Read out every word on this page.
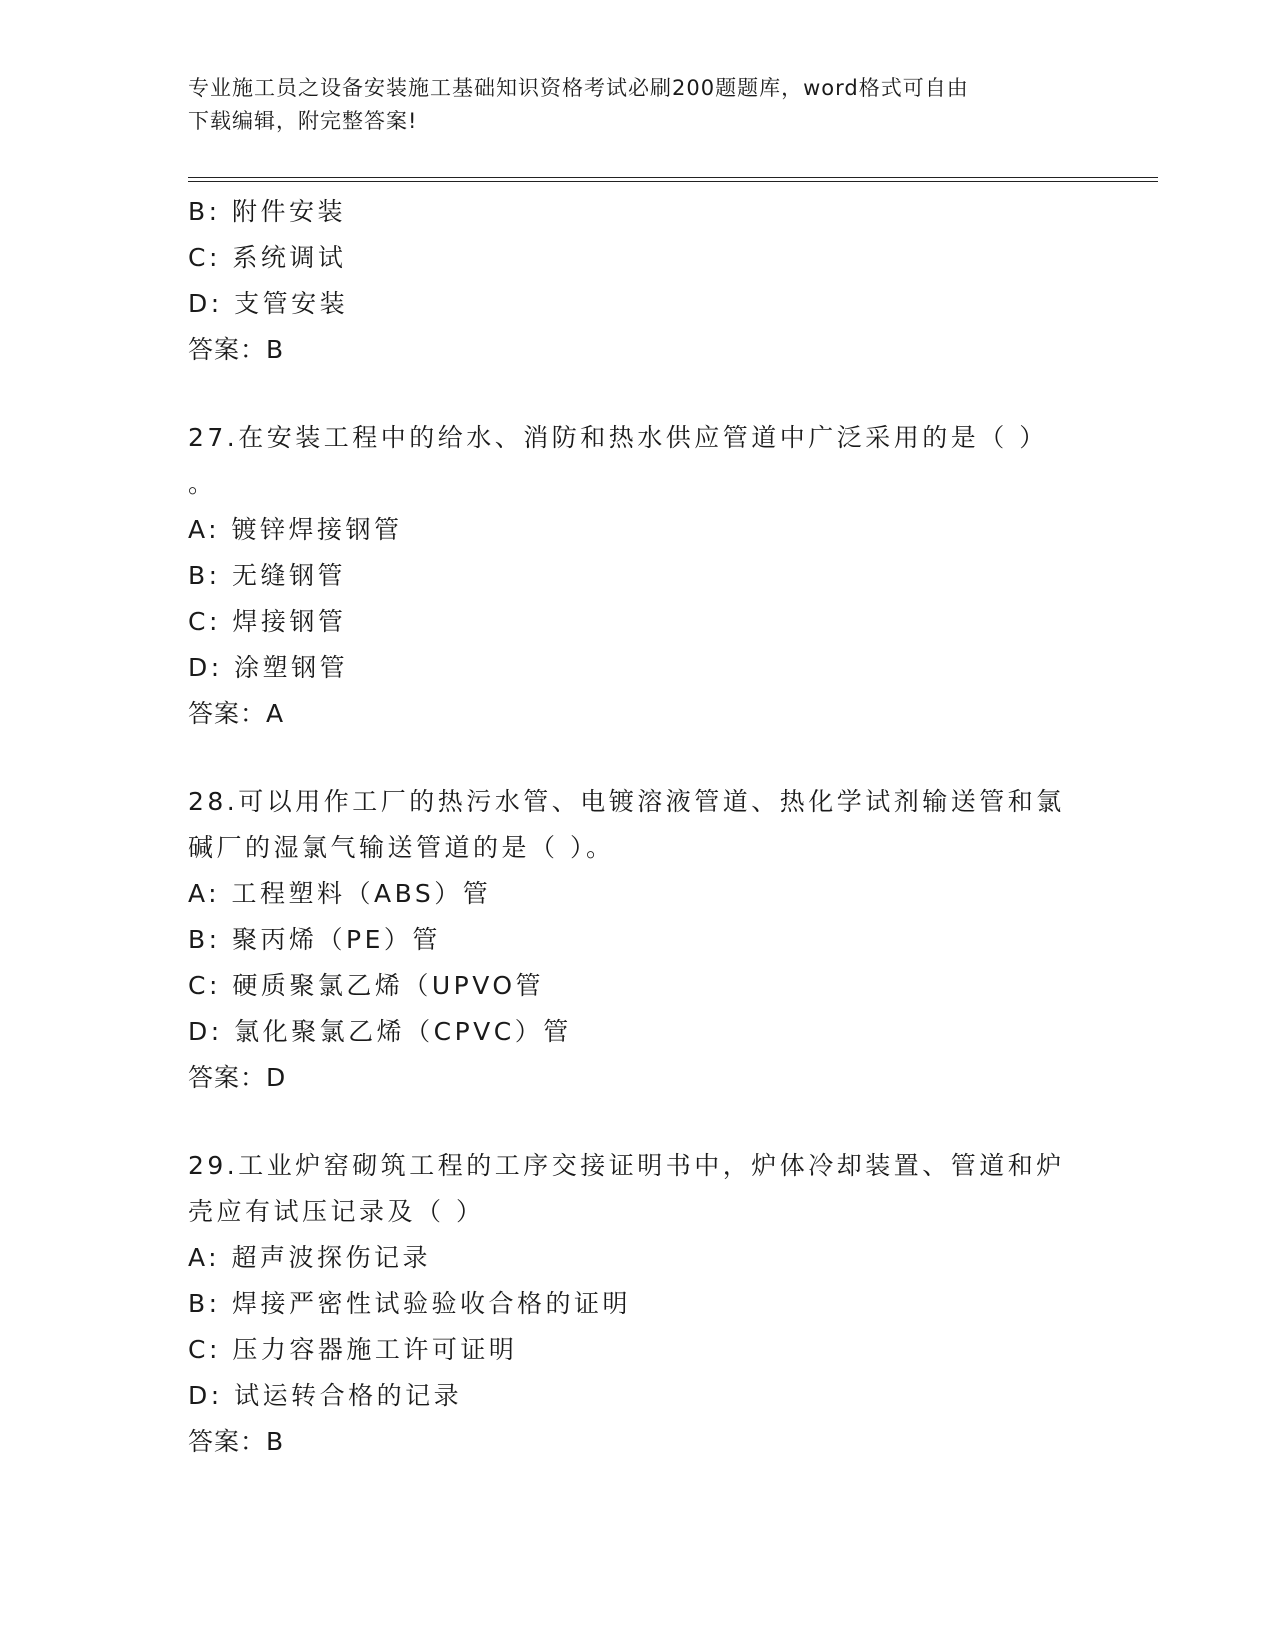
专业施工员之设备安装施工基础知识资格考试必刷200题题库，word格式可自由
下载编辑，附完整答案!
B: 附件安装
C: 系统调试
D: 支管安装
答案：B
27.在安装工程中的给水、消防和热水供应管道中广泛采用的是（ ）
。
A: 镀锌焊接钢管
B: 无缝钢管
C: 焊接钢管
D: 涂塑钢管
答案：A
28.可以用作工厂的热污水管、电镀溶液管道、热化学试剂输送管和氯
碱厂的湿氯气输送管道的是（ ）。
A: 工程塑料（ABS）管
B: 聚丙烯（PE）管
C: 硬质聚氯乙烯（UPVO管
D: 氯化聚氯乙烯（CPVC）管
答案：D
29.工业炉窑砌筑工程的工序交接证明书中，炉体冷却装置、管道和炉
壳应有试压记录及（ ）
A: 超声波探伤记录
B: 焊接严密性试验验收合格的证明
C: 压力容器施工许可证明
D: 试运转合格的记录
答案：B
